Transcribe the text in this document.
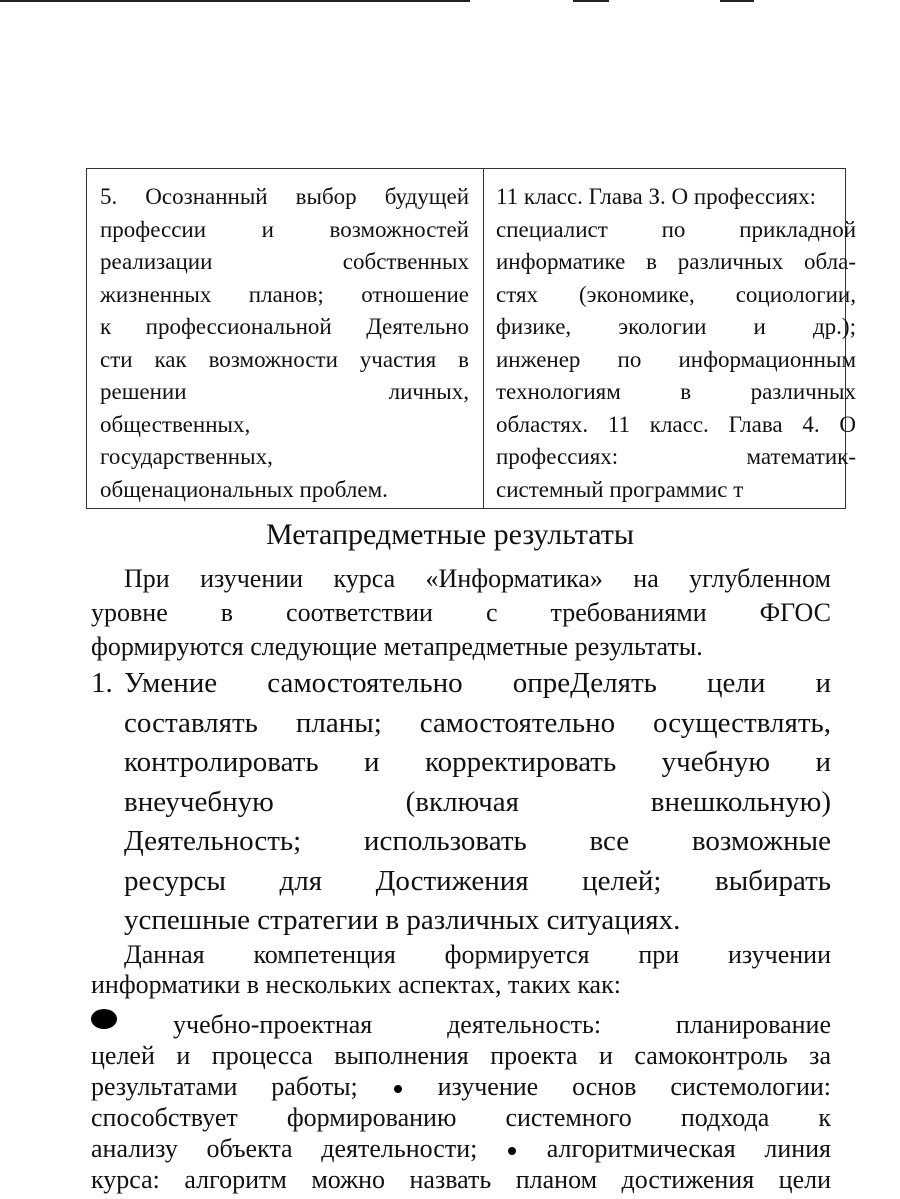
5. Осознанный выбор будущей
профессии и возможностей
реализации собственных
жизненных планов; отношение
к профессиональной Деятельно
сти как возможности участия в
решении личных,
общественных,
государственных,
общенациональных проблем.

11 класс. Глава З. О профессиях:
специалист по прикладной
информатике в различных обла-
стях (экономике, социологии,
физике, экологии и др.);
инженер по информационным
технологиям в различных
областях. 11 класс. Глава 4. О
профессиях: математик-
системный программис т
Метапредметные результаты
При изучении курса «Информатика» на углубленном
уровне в соответствии с требованиями ФГОС
формируются следующие метапредметные результаты.
1. Умение самостоятельно опреДелять цели и
составлять планы; самостоятельно осуществлять,
контролировать и корректировать учебную и
внеучебную (включая внешкольную)
Деятельность; использовать все возможные
ресурсы для Достижения целей; выбирать
успешные стратегии в различных ситуациях.
Данная компетенция формируется при изучении
информатики в нескольких аспектах, таких как:
учебно-проектная деятельность: планирование
целей и процесса выполнения проекта и самоконтроль за
результатами работы;	изучение основ системологии:
способствует формированию системного подхода к
анализу объекта деятельности;	алгоритмическая линия
курса: алгоритм можно назвать планом достижения цели
